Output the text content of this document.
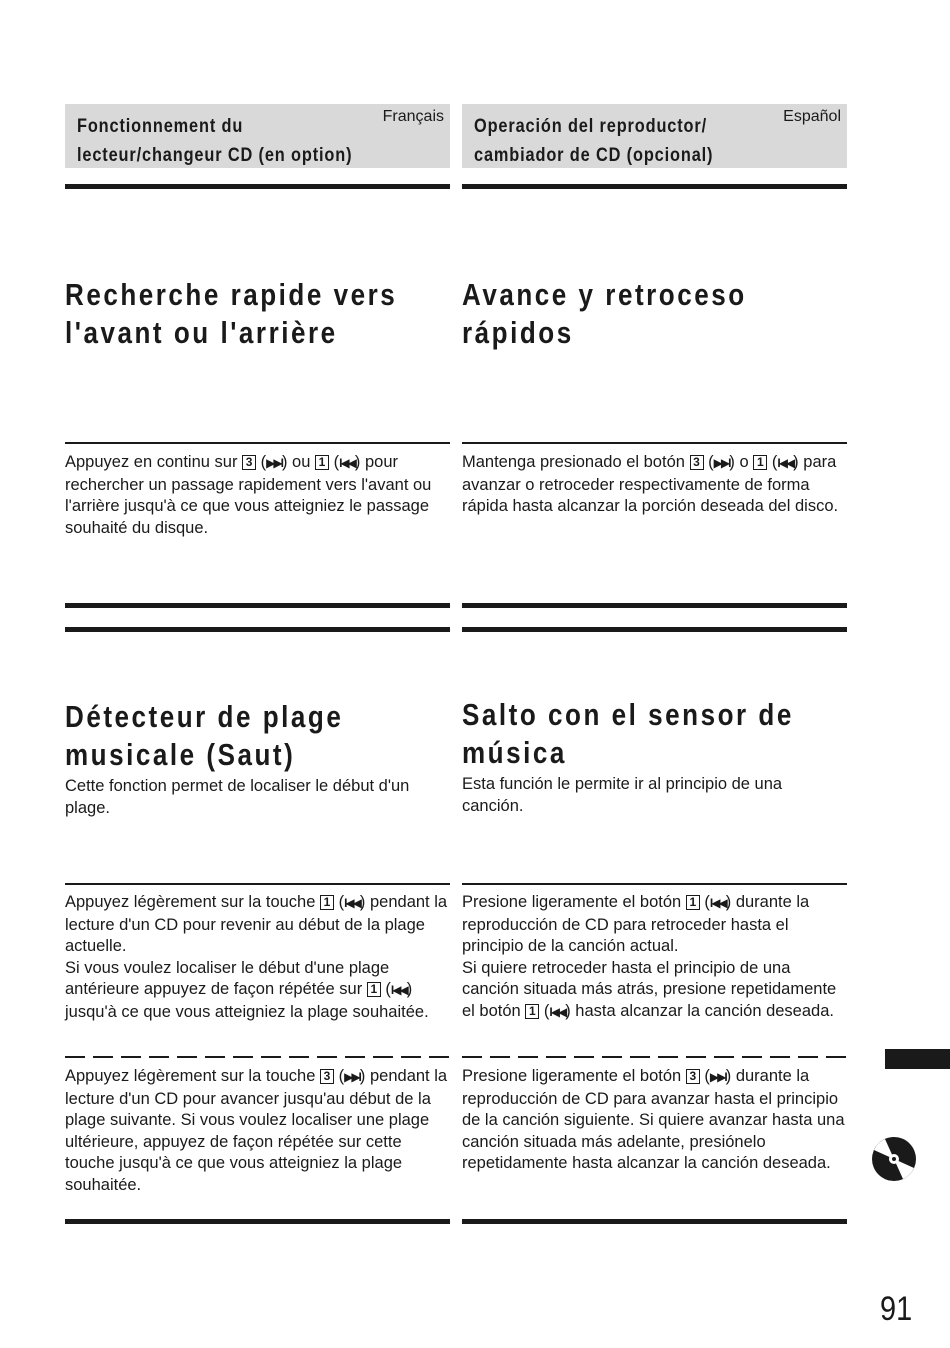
Fonctionnement du
lecteur/changeur CD (en option)
Français
Recherche rapide vers
l'avant ou l'arrière
Appuyez en continu sur 3 (▶▶I) ou 1 (I◀◀) pour rechercher un passage rapidement vers l'avant ou l'arrière jusqu'à ce que vous atteigniez le passage souhaité du disque.
Détecteur de plage
musicale (Saut)
Cette fonction permet de localiser le début d'un plage.
Appuyez légèrement sur la touche 1 (I◀◀) pendant la lecture d'un CD pour revenir au début de la plage actuelle.
Si vous voulez localiser le début d'une plage antérieure appuyez de façon répétée sur 1 (I◀◀) jusqu'à ce que vous atteigniez la plage souhaitée.
Appuyez légèrement sur la touche 3 (▶▶I) pendant la lecture d'un CD pour avancer jusqu'au début de la plage suivante. Si vous voulez localiser une plage ultérieure, appuyez de façon répétée sur cette touche jusqu'à ce que vous atteigniez la plage souhaitée.
Operación del reproductor/
cambiador de CD (opcional)
Español
Avance y retroceso
rápidos
Mantenga presionado el botón 3 (▶▶I) o 1 (I◀◀) para avanzar o retroceder respectivamente de forma rápida hasta alcanzar la porción deseada del disco.
Salto con el sensor de
música
Esta función le permite ir al principio de una canción.
Presione ligeramente el botón 1 (I◀◀) durante la reproducción de CD para retroceder hasta el principio de la canción actual.
Si quiere retroceder hasta el principio de una canción situada más atrás, presione repetidamente el botón 1 (I◀◀) hasta alcanzar la canción deseada.
Presione ligeramente el botón 3 (▶▶I) durante la reproducción de CD para avanzar hasta el principio de la canción siguiente. Si quiere avanzar hasta una canción situada más adelante, presiónelo repetidamente hasta alcanzar la canción deseada.
91
